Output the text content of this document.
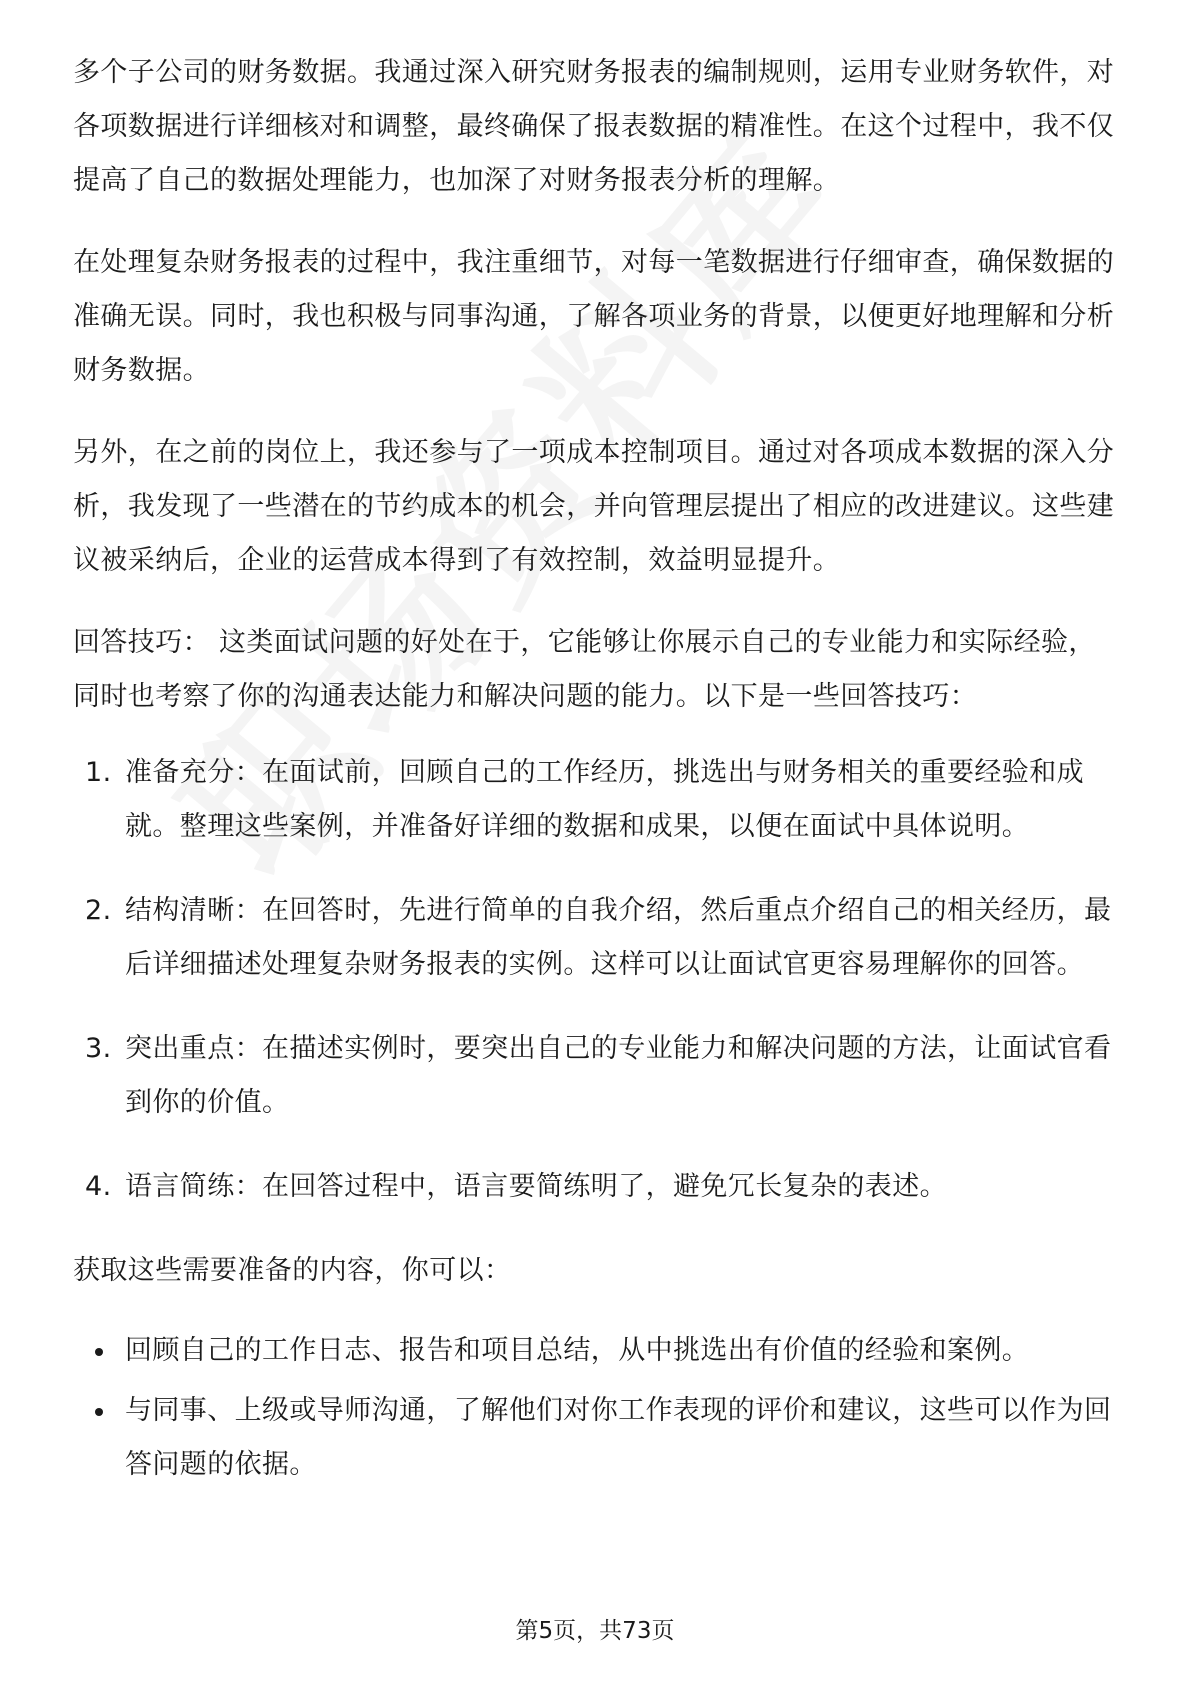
多个子公司的财务数据。我通过深入研究财务报表的编制规则，运用专业财务软件，对各项数据进行详细核对和调整，最终确保了报表数据的精准性。在这个过程中，我不仅提高了自己的数据处理能力，也加深了对财务报表分析的理解。

在处理复杂财务报表的过程中，我注重细节，对每一笔数据进行仔细审查，确保数据的准确无误。同时，我也积极与同事沟通，了解各项业务的背景，以便更好地理解和分析财务数据。

另外，在之前的岗位上，我还参与了一项成本控制项目。通过对各项成本数据的深入分析，我发现了一些潜在的节约成本的机会，并向管理层提出了相应的改进建议。这些建议被采纳后，企业的运营成本得到了有效控制，效益明显提升。

回答技巧： 这类面试问题的好处在于，它能够让你展示自己的专业能力和实际经验，同时也考察了你的沟通表达能力和解决问题的能力。以下是一些回答技巧：

1. 准备充分：在面试前，回顾自己的工作经历，挑选出与财务相关的重要经验和成就。整理这些案例，并准备好详细的数据和成果，以便在面试中具体说明。
2. 结构清晰：在回答时，先进行简单的自我介绍，然后重点介绍自己的相关经历，最后详细描述处理复杂财务报表的实例。这样可以让面试官更容易理解你的回答。
3. 突出重点：在描述实例时，要突出自己的专业能力和解决问题的方法，让面试官看到你的价值。
4. 语言简练：在回答过程中，语言要简练明了，避免冗长复杂的表述。

获取这些需要准备的内容，你可以：

回顾自己的工作日志、报告和项目总结，从中挑选出有价值的经验和案例。
与同事、上级或导师沟通，了解他们对你工作表现的评价和建议，这些可以作为回答问题的依据。
第5页，共73页
